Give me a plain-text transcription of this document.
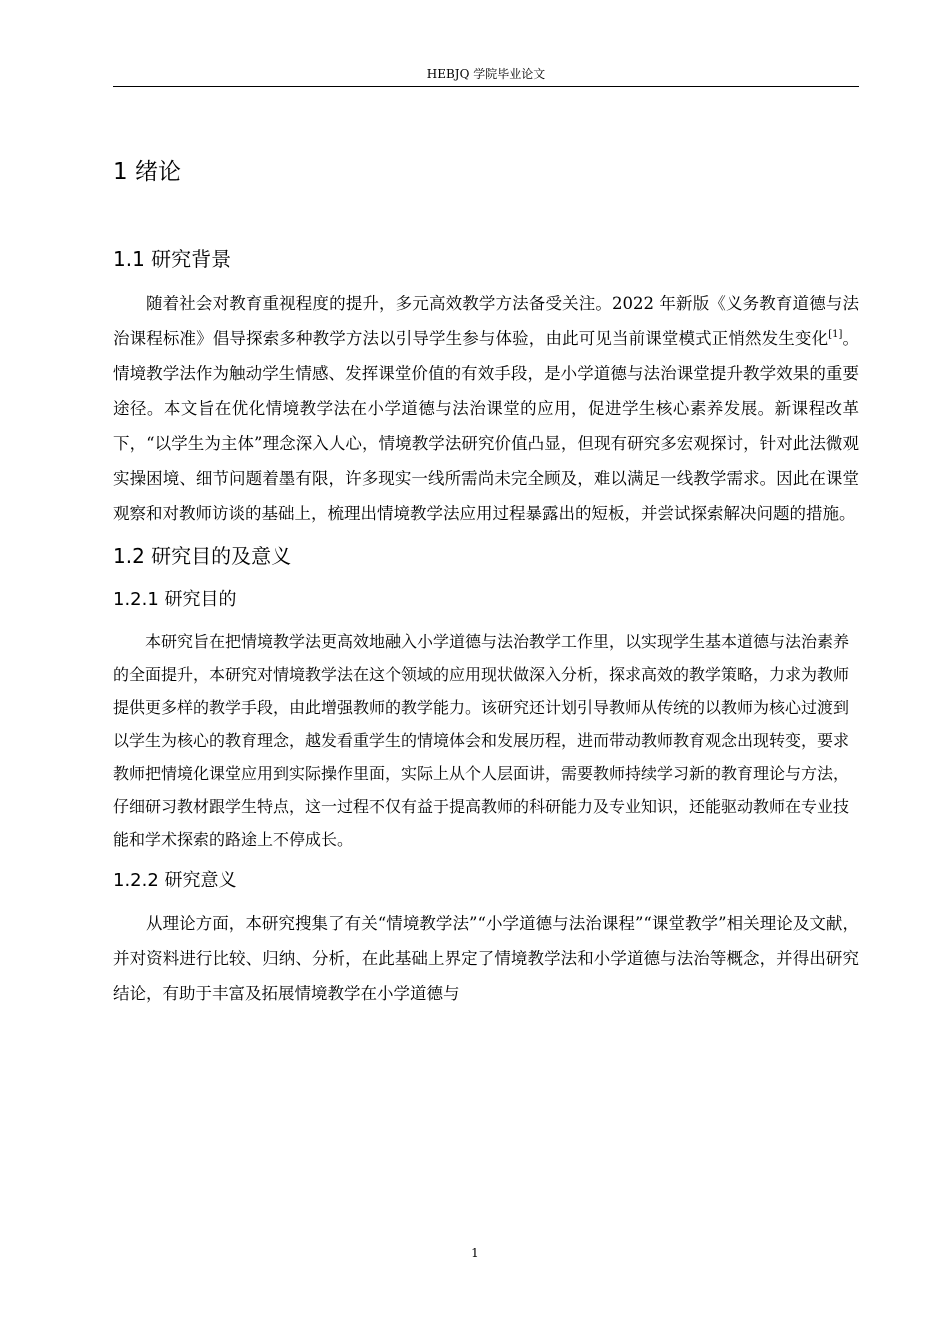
HEBJQ 学院毕业论文
1 绪论
1.1 研究背景

随着社会对教育重视程度的提升，多元高效教学方法备受关注。2022 年新版《义务教育道德与法治课程标准》倡导探索多种教学方法以引导学生参与体验，由此可见当前课堂模式正悄然发生变化[1]。情境教学法作为触动学生情感、发挥课堂价值的有效手段，是小学道德与法治课堂提升教学效果的重要途径。本文旨在优化情境教学法在小学道德与法治课堂的应用，促进学生核心素养发展。新课程改革下，“以学生为主体”理念深入人心，情境教学法研究价值凸显，但现有研究多宏观探讨，针对此法微观实操困境、细节问题着墨有限，许多现实一线所需尚未完全顾及，难以满足一线教学需求。因此在课堂观察和对教师访谈的基础上，梳理出情境教学法应用过程暴露出的短板，并尝试探索解决问题的措施。

1.2 研究目的及意义
1.2.1 研究目的

本研究旨在把情境教学法更高效地融入小学道德与法治教学工作里，以实现学生基本道德与法治素养的全面提升，本研究对情境教学法在这个领域的应用现状做深入分析，探求高效的教学策略，力求为教师提供更多样的教学手段，由此增强教师的教学能力。该研究还计划引导教师从传统的以教师为核心过渡到以学生为核心的教育理念，越发看重学生的情境体会和发展历程，进而带动教师教育观念出现转变，要求教师把情境化课堂应用到实际操作里面，实际上从个人层面讲，需要教师持续学习新的教育理论与方法，仔细研习教材跟学生特点，这一过程不仅有益于提高教师的科研能力及专业知识，还能驱动教师在专业技能和学术探索的路途上不停成长。

1.2.2 研究意义

从理论方面，本研究搜集了有关“情境教学法”“小学道德与法治课程”“课堂教学”相关理论及文献，并对资料进行比较、归纳、分析，在此基础上界定了情境教学法和小学道德与法治等概念，并得出研究结论，有助于丰富及拓展情境教学在小学道德与

1
